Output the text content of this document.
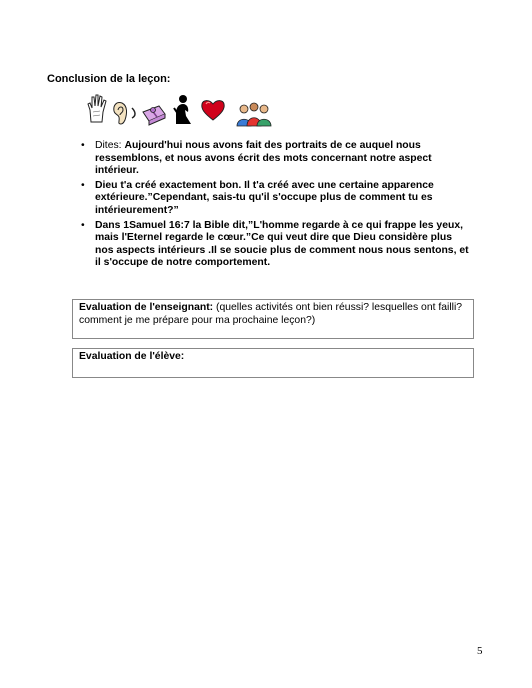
Conclusion de la leçon:
• Dites: Aujourd'hui nous avons fait des portraits de ce auquel nous ressemblons, et nous avons écrit des mots concernant notre aspect intérieur.
• Dieu t'a créé exactement bon. Il t'a créé avec une certaine apparence extérieure.”Cependant, sais-tu qu'il s'occupe plus de comment tu es intérieurement?”
• Dans 1Samuel 16:7 la Bible dit,”L'homme regarde à ce qui frappe les yeux, mais l'Eternel regarde le cœur.”Ce qui veut dire que Dieu considère plus nos aspects intérieurs .Il se soucie plus de comment nous nous sentons, et il s'occupe de notre comportement.
Evaluation de l'enseignant: (quelles activités ont bien réussi? lesquelles ont failli? comment je me prépare pour ma prochaine leçon?)
Evaluation de l'élève:
5
